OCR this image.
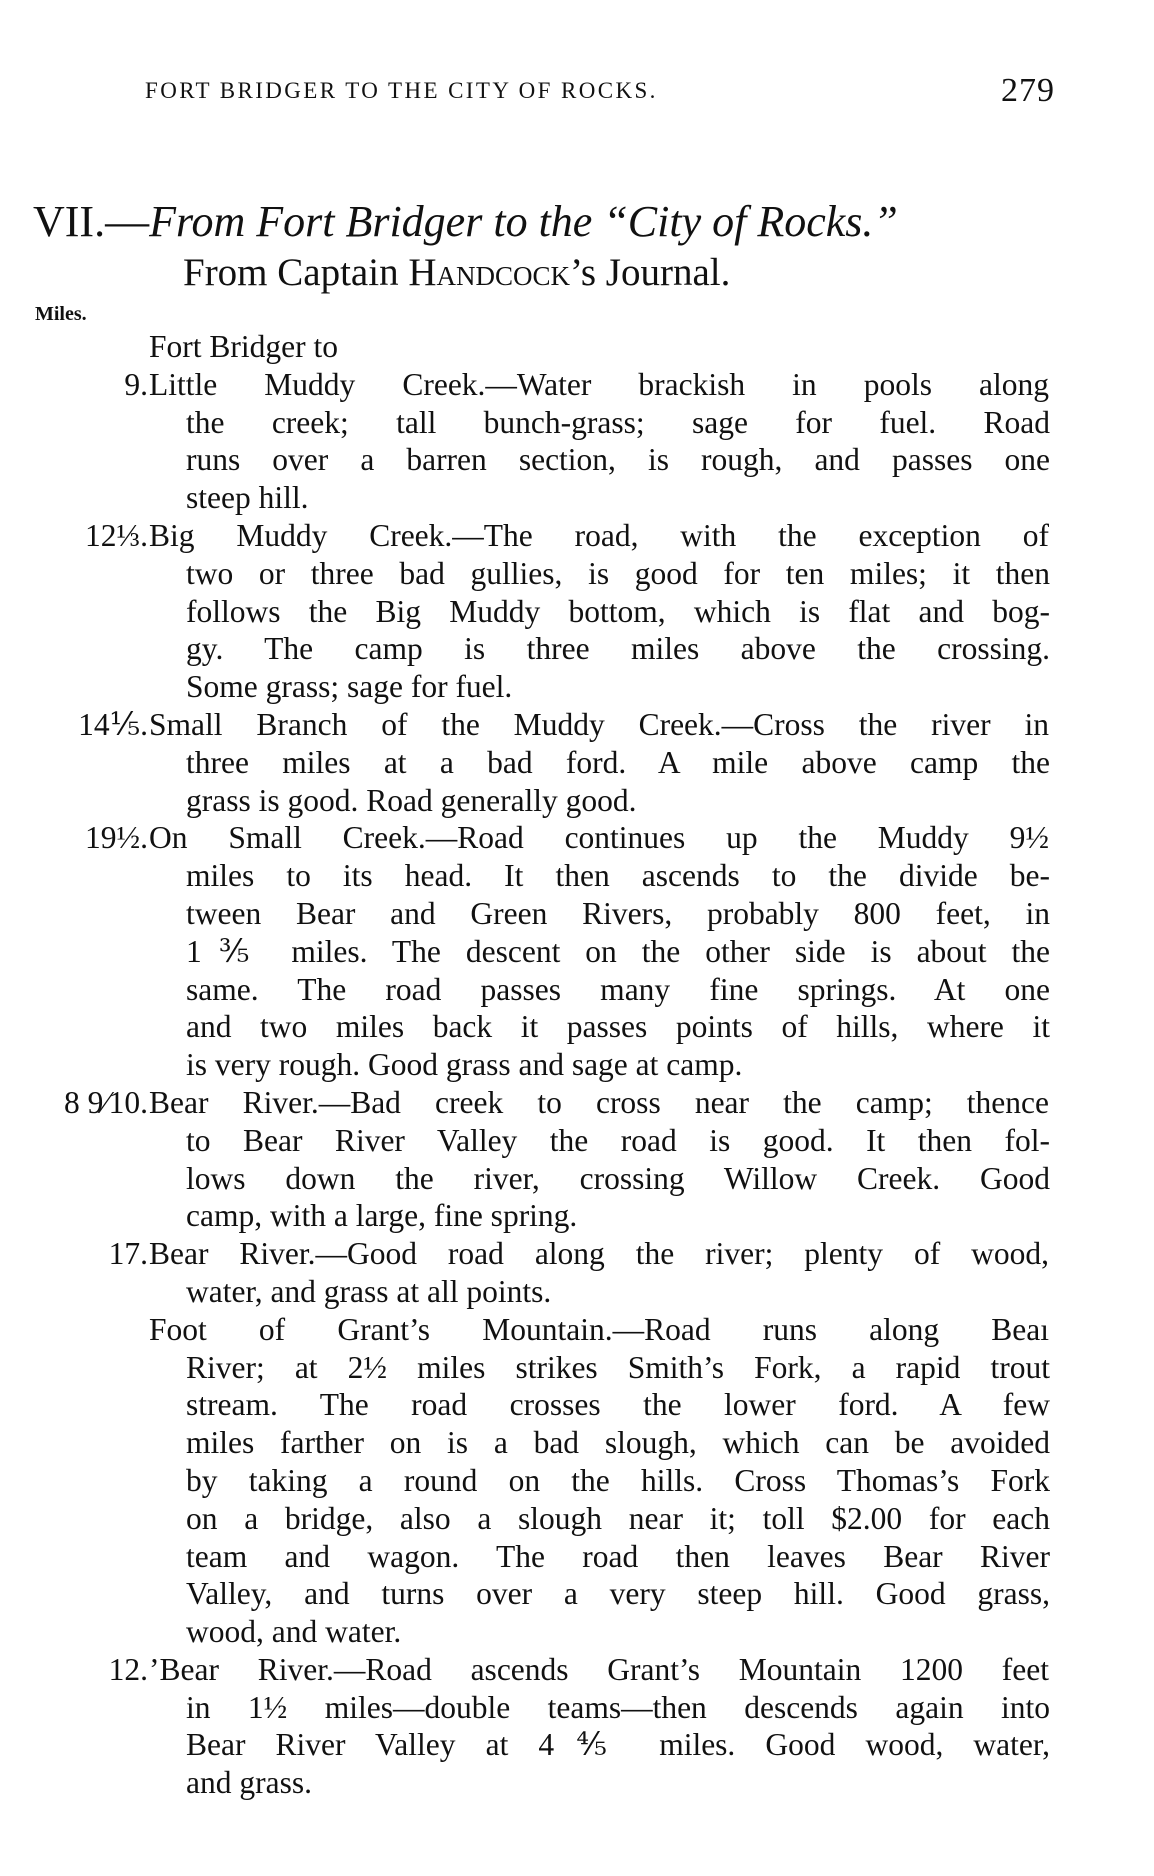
FORT BRIDGER TO THE CITY OF ROCKS.	279
VII.—From Fort Bridger to the “City of Rocks.”
From Captain Handcock’s Journal.
Miles.
Fort Bridger to
9. Little Muddy Creek.—Water brackish in pools along
the creek; tall bunch-grass; sage for fuel. Road
runs over a barren section, is rough, and passes one
steep hill.
12⅓. Big Muddy Creek.—The road, with the exception of
two or three bad gullies, is good for ten miles; it then
follows the Big Muddy bottom, which is flat and bog-
gy. The camp is three miles above the crossing.
Some grass; sage for fuel.
14⅕. Small Branch of the Muddy Creek.—Cross the river in
three miles at a bad ford. A mile above camp the
grass is good. Road generally good.
19½. On Small Creek.—Road continues up the Muddy 9½
miles to its head. It then ascends to the divide be-
tween Bear and Green Rivers, probably 800 feet, in
1⅗ miles. The descent on the other side is about the
same. The road passes many fine springs. At one
and two miles back it passes points of hills, where it
is very rough. Good grass and sage at camp.
8 9⁄10. Bear River.—Bad creek to cross near the camp; thence
to Bear River Valley the road is good. It then fol-
lows down the river, crossing Willow Creek. Good
camp, with a large, fine spring.
17. Bear River.—Good road along the river; plenty of wood,
water, and grass at all points.
Foot of Grant’s Mountain.—Road runs along Beaı
River; at 2½ miles strikes Smith’s Fork, a rapid trout
stream. The road crosses the lower ford. A few
miles farther on is a bad slough, which can be avoided
by taking a round on the hills. Cross Thomas’s Fork
on a bridge, also a slough near it; toll $2.00 for each
team and wagon. The road then leaves Bear River
Valley, and turns over a very steep hill. Good grass,
wood, and water.
12. ’Bear River.—Road ascends Grant’s Mountain 1200 feet
in 1½ miles—double teams—then descends again into
Bear River Valley at 4⅘ miles. Good wood, water,
and grass.
